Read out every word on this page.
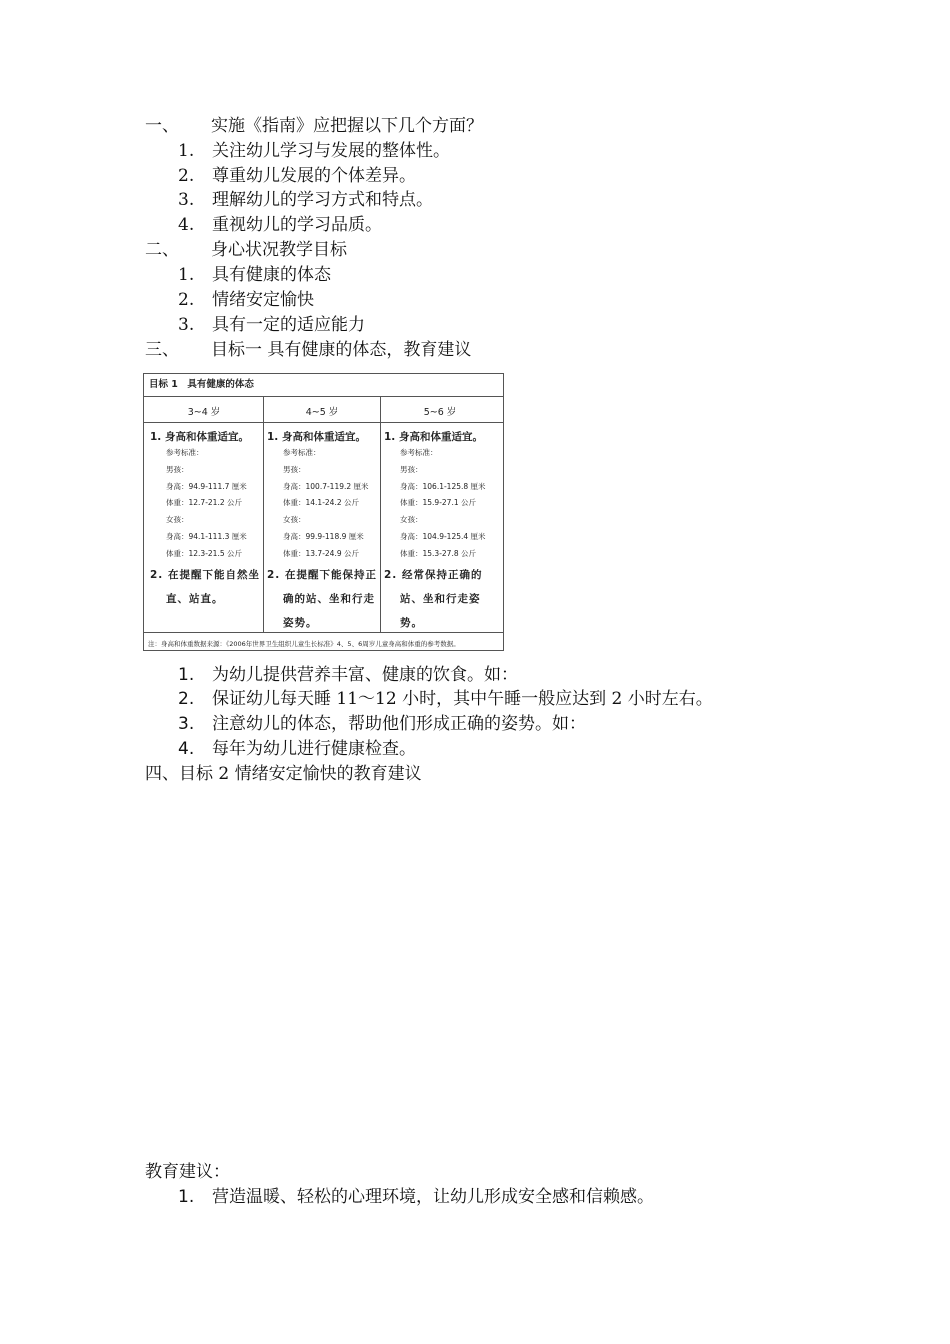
一、 实施《指南》应把握以下几个方面？
1. 关注幼儿学习与发展的整体性。
2. 尊重幼儿发展的个体差异。
3. 理解幼儿的学习方式和特点。
4. 重视幼儿的学习品质。
二、 身心状况教学目标
1. 具有健康的体态
2. 情绪安定愉快
3. 具有一定的适应能力
三、 目标一 具有健康的体态，教育建议
目标 1　具有健康的体态
3~4 岁	4~5 岁	5~6 岁
1. 身高和体重适宜。
参考标准：
男孩：
身高：94.9-111.7 厘米
体重：12.7-21.2 公斤
女孩：
身高：94.1-111.3 厘米
体重：12.3-21.5 公斤
2. 在提醒下能自然坐直、站直。
1. 身高和体重适宜。
参考标准：
男孩：
身高：100.7-119.2 厘米
体重：14.1-24.2 公斤
女孩：
身高：99.9-118.9 厘米
体重：13.7-24.9 公斤
2. 在提醒下能保持正确的站、坐和行走姿势。
1. 身高和体重适宜。
参考标准：
男孩：
身高：106.1-125.8 厘米
体重：15.9-27.1 公斤
女孩：
身高：104.9-125.4 厘米
体重：15.3-27.8 公斤
2. 经常保持正确的站、坐和行走姿势。
注：身高和体重数据来源：《2006年世界卫生组织儿童生长标准》4、5、6周岁儿童身高和体重的参考数据。
1. 为幼儿提供营养丰富、健康的饮食。如：
2. 保证幼儿每天睡 11～12 小时，其中午睡一般应达到 2 小时左右。
3. 注意幼儿的体态，帮助他们形成正确的姿势。如：
4. 每年为幼儿进行健康检查。
四、目标 2 情绪安定愉快的教育建议
教育建议：
1. 营造温暖、轻松的心理环境，让幼儿形成安全感和信赖感。
